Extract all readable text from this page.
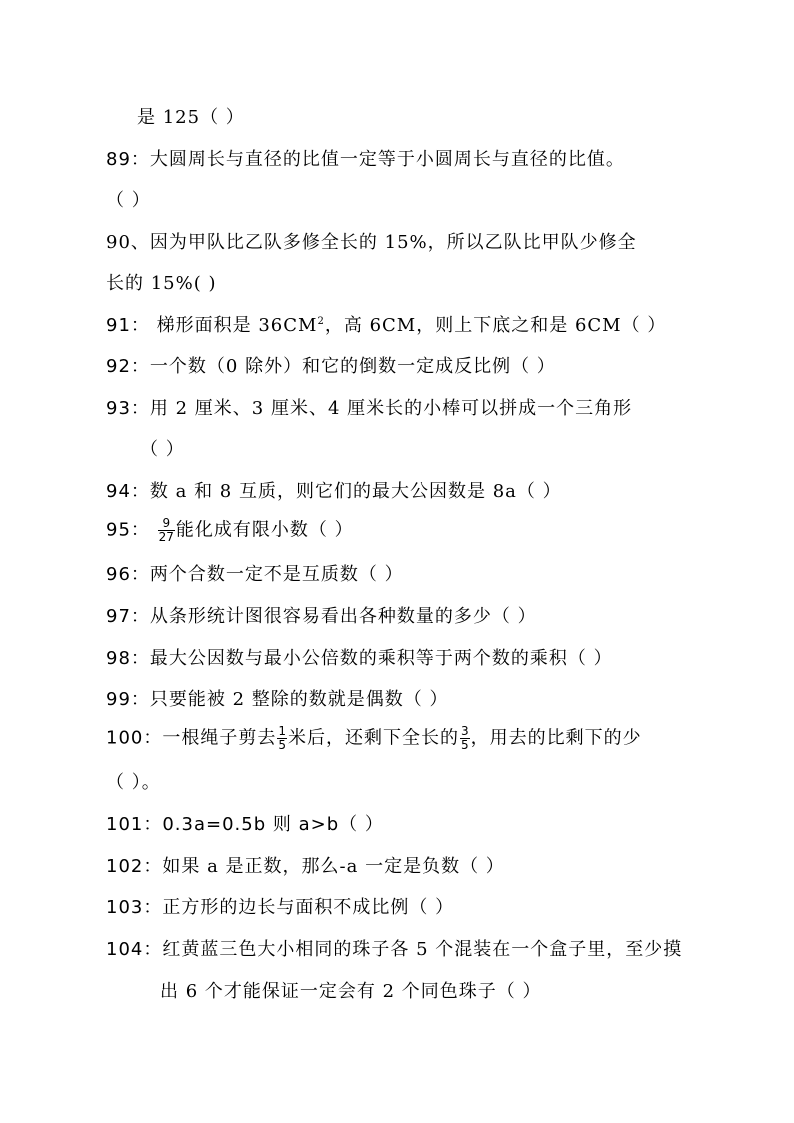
是 125（ ）
89：大圆周长与直径的比值一定等于小圆周长与直径的比值。
（ ）
90、因为甲队比乙队多修全长的 15%，所以乙队比甲队少修全
长的 15%( )
91： 梯形面积是 $36CM^2$，高 6CM，则上下底之和是 6CM（ ）
92：一个数（0 除外）和它的倒数一定成反比例（ ）
93：用 2 厘米、3 厘米、4 厘米长的小棒可以拼成一个三角形
（ ）
94：数 a 和 8 互质，则它们的最大公因数是 8a（ ）
95： $\frac{9}{27}$ 能化成有限小数（ ）
96：两个合数一定不是互质数（ ）
97：从条形统计图很容易看出各种数量的多少（ ）
98：最大公因数与最小公倍数的乘积等于两个数的乘积（ ）
99：只要能被 2 整除的数就是偶数（ ）
100：一根绳子剪去 $\frac{1}{5}$ 米后，还剩下全长的 $\frac{3}{5}$ ，用去的比剩下的少
（ ）。
101：0.3a=0.5b 则 a>b（ ）
102：如果 a 是正数，那么-a 一定是负数（ ）
103：正方形的边长与面积不成比例（ ）
104：红黄蓝三色大小相同的珠子各 5 个混装在一个盒子里，至少摸
出 6 个才能保证一定会有 2 个同色珠子（ ）
